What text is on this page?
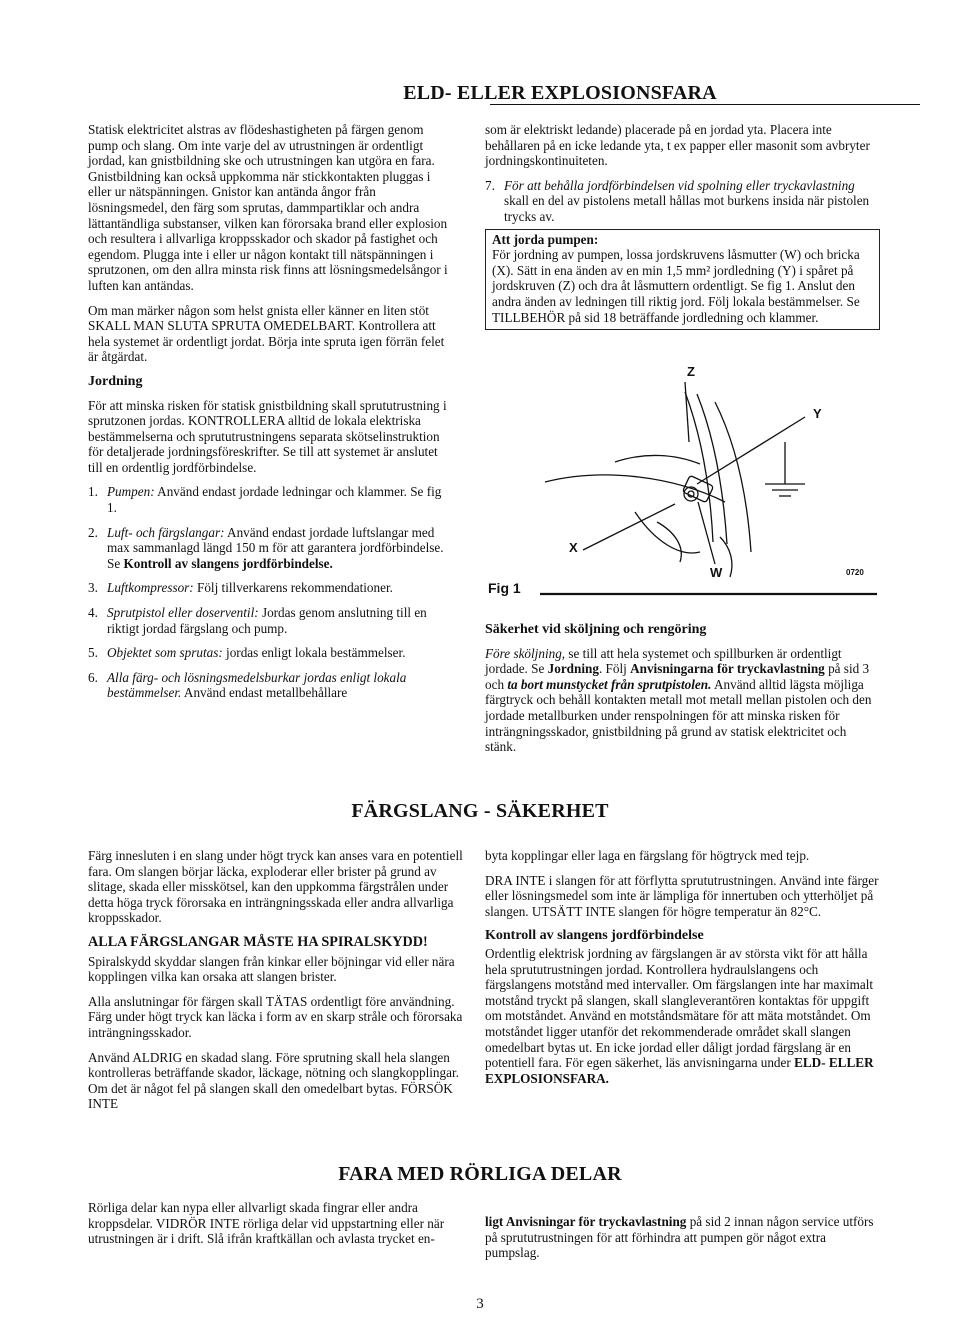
ELD- ELLER EXPLOSIONSFARA

Statisk elektricitet alstras av flödeshastigheten på färgen genom pump och slang. Om inte varje del av utrustningen är ordentligt jordad, kan gnistbildning ske och utrustningen kan utgöra en fara. Gnistbildning kan också uppkomma när stickkontakten pluggas i eller ur nätspänningen. Gnistor kan antända ångor från lösningsmedel, den färg som sprutas, dammpartiklar och andra lättantändliga substanser, vilken kan förorsaka brand eller explosion och resultera i allvarliga kroppsskador och skador på fastighet och egendom. Plugga inte i eller ur någon kontakt till nätspänningen i sprutzonen, om den allra minsta risk finns att lösningsmedelsångor i luften kan antändas.

Om man märker någon som helst gnista eller känner en liten stöt SKALL MAN SLUTA SPRUTA OMEDELBART. Kontrollera att hela systemet är ordentligt jordat. Börja inte spruta igen förrän felet är åtgärdat.

Jordning

För att minska risken för statisk gnistbildning skall sprututrustning i sprutzonen jordas. KONTROLLERA alltid de lokala elektriska bestämmelserna och sprututrustningens separata skötselinstruktion för detaljerade jordningsföreskrifter. Se till att systemet är anslutet till en ordentlig jordförbindelse.

1. Pumpen: Använd endast jordade ledningar och klammer. Se fig 1.
2. Luft- och färgslangar: Använd endast jordade luftslangar med max sammanlagd längd 150 m för att garantera jordförbindelse. Se Kontroll av slangens jordförbindelse.
3. Luftkompressor: Följ tillverkarens rekommendationer.
4. Sprutpistol eller doserventil: Jordas genom anslutning till en riktigt jordad färgslang och pump.
5. Objektet som sprutas: jordas enligt lokala bestämmelser.
6. Alla färg- och lösningsmedelsburkar jordas enligt lokala bestämmelser. Använd endast metallbehållare

som är elektriskt ledande) placerade på en jordad yta. Placera inte behållaren på en icke ledande yta, t ex papper eller masonit som avbryter jordningskontinuiteten.

7. För att behålla jordförbindelsen vid spolning eller tryckavlastning skall en del av pistolens metall hållas mot burkens insida när pistolen trycks av.
Att jorda pumpen:
För jordning av pumpen, lossa jordskruvens låsmutter (W) och bricka (X). Sätt in ena änden av en min 1,5 mm² jordledning (Y) i spåret på jordskruven (Z) och dra åt låsmuttern ordentligt. Se fig 1. Anslut den andra änden av ledningen till riktig jord. Följ lokala bestämmelser. Se TILLBEHÖR på sid 18 beträffande jordledning och klammer.
Z
Y
X
W	0720
Fig 1
Säkerhet vid sköljning och rengöring

Före sköljning, se till att hela systemet och spillburken är ordentligt jordade. Se Jordning. Följ Anvisningarna för tryckavlastning på sid 3 och ta bort munstycket från sprutpistolen. Använd alltid lägsta möjliga färgtryck och behåll kontakten metall mot metall mellan pistolen och den jordade metallburken under renspolningen för att minska risken för inträngningsskador, gnistbildning på grund av statisk elektricitet och stänk.

FÄRGSLANG - SÄKERHET

Färg innesluten i en slang under högt tryck kan anses vara en potentiell fara. Om slangen börjar läcka, exploderar eller brister på grund av slitage, skada eller misskötsel, kan den uppkomma färgstrålen under detta höga tryck förorsaka en inträngningsskada eller andra allvarliga kroppsskador.

ALLA FÄRGSLANGAR MÅSTE HA SPIRALSKYDD!

Spiralskydd skyddar slangen från kinkar eller böjningar vid eller nära kopplingen vilka kan orsaka att slangen brister.

Alla anslutningar för färgen skall TÄTAS ordentligt före användning. Färg under högt tryck kan läcka i form av en skarp stråle och förorsaka inträngningsskador.

Använd ALDRIG en skadad slang. Före sprutning skall hela slangen kontrolleras beträffande skador, läckage, nötning och slangkopplingar. Om det är något fel på slangen skall den omedelbart bytas. FÖRSÖK INTE

byta kopplingar eller laga en färgslang för högtryck med tejp.

DRA INTE i slangen för att förflytta sprututrustningen. Använd inte färger eller lösningsmedel som inte är lämpliga för innertuben och ytterhöljet på slangen. UTSÄTT INTE slangen för högre temperatur än 82°C.

Kontroll av slangens jordförbindelse

Ordentlig elektrisk jordning av färgslangen är av största vikt för att hålla hela sprututrustningen jordad. Kontrollera hydraulslangens och färgslangens motstånd med intervaller. Om färgslangen inte har maximalt motstånd tryckt på slangen, skall slangleverantören kontaktas för uppgift om motståndet. Använd en motståndsmätare för att mäta motståndet. Om motståndet ligger utanför det rekommenderade området skall slangen omedelbart bytas ut. En icke jordad eller dåligt jordad färgslang är en potentiell fara. För egen säkerhet, läs anvisningarna under ELD- ELLER EXPLOSIONSFARA.

FARA MED RÖRLIGA DELAR

Rörliga delar kan nypa eller allvarligt skada fingrar eller andra kroppsdelar. VIDRÖR INTE rörliga delar vid uppstartning eller när utrustningen är i drift. Slå ifrån kraftkällan och avlasta trycket en-

ligt Anvisningar för tryckavlastning på sid 2 innan någon service utförs på sprututrustningen för att förhindra att pumpen gör något extra pumpslag.

3
